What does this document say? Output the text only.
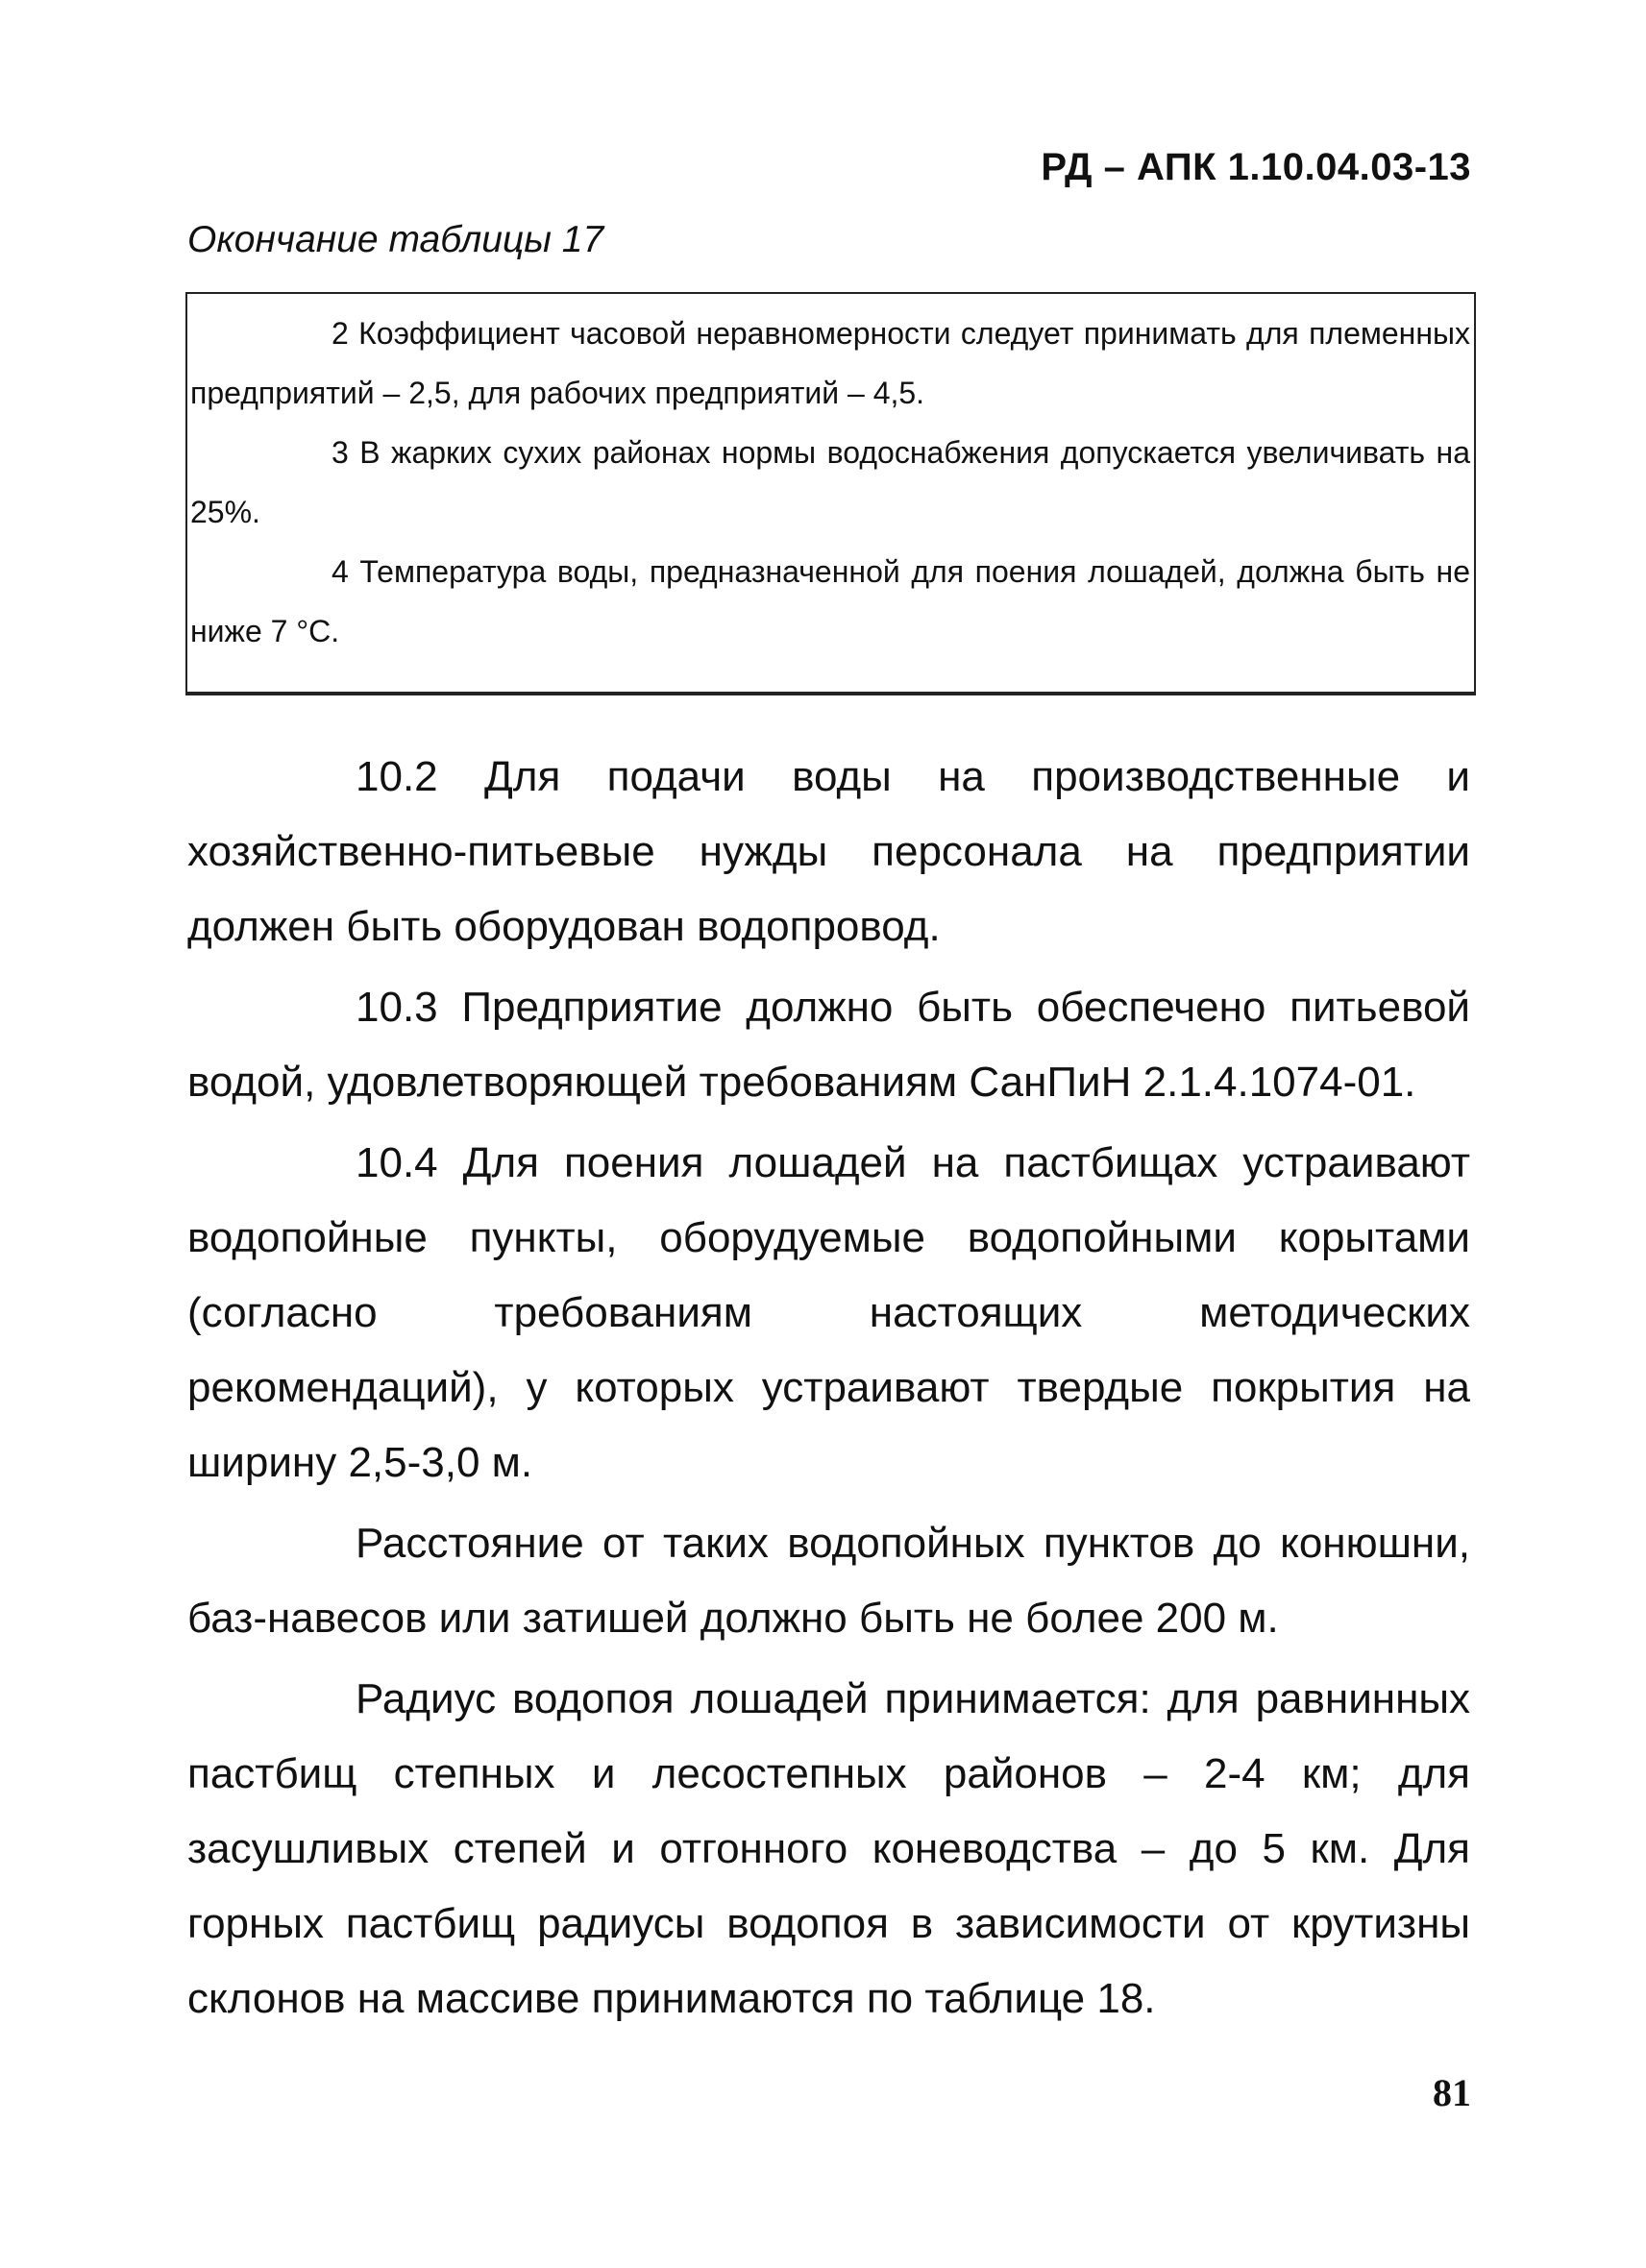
РД – АПК 1.10.04.03-13
Окончание таблицы 17

2 Коэффициент часовой неравномерности следует принимать для племенных предприятий – 2,5, для рабочих предприятий – 4,5.

3 В жарких сухих районах нормы водоснабжения допускается увеличивать на 25%.

4 Температура воды, предназначенной для поения лошадей, должна быть не ниже 7 °С.

10.2 Для подачи воды на производственные и хозяйственно-питьевые нужды персонала на предприятии должен быть оборудован водопровод.

10.3 Предприятие должно быть обеспечено питьевой водой, удовлетворяющей требованиям СанПиН 2.1.4.1074-01.

10.4 Для поения лошадей на пастбищах устраивают водопойные пункты, оборудуемые водопойными корытами (согласно требованиям настоящих методических рекомендаций), у которых устраивают твердые покрытия на ширину 2,5-3,0 м.

Расстояние от таких водопойных пунктов до конюшни, баз-навесов или затишей должно быть не более 200 м.

Радиус водопоя лошадей принимается: для равнинных пастбищ степных и лесостепных районов – 2-4 км; для засушливых степей и отгонного коневодства – до 5 км. Для горных пастбищ радиусы водопоя в зависимости от крутизны склонов на массиве принимаются по таблице 18.

81
